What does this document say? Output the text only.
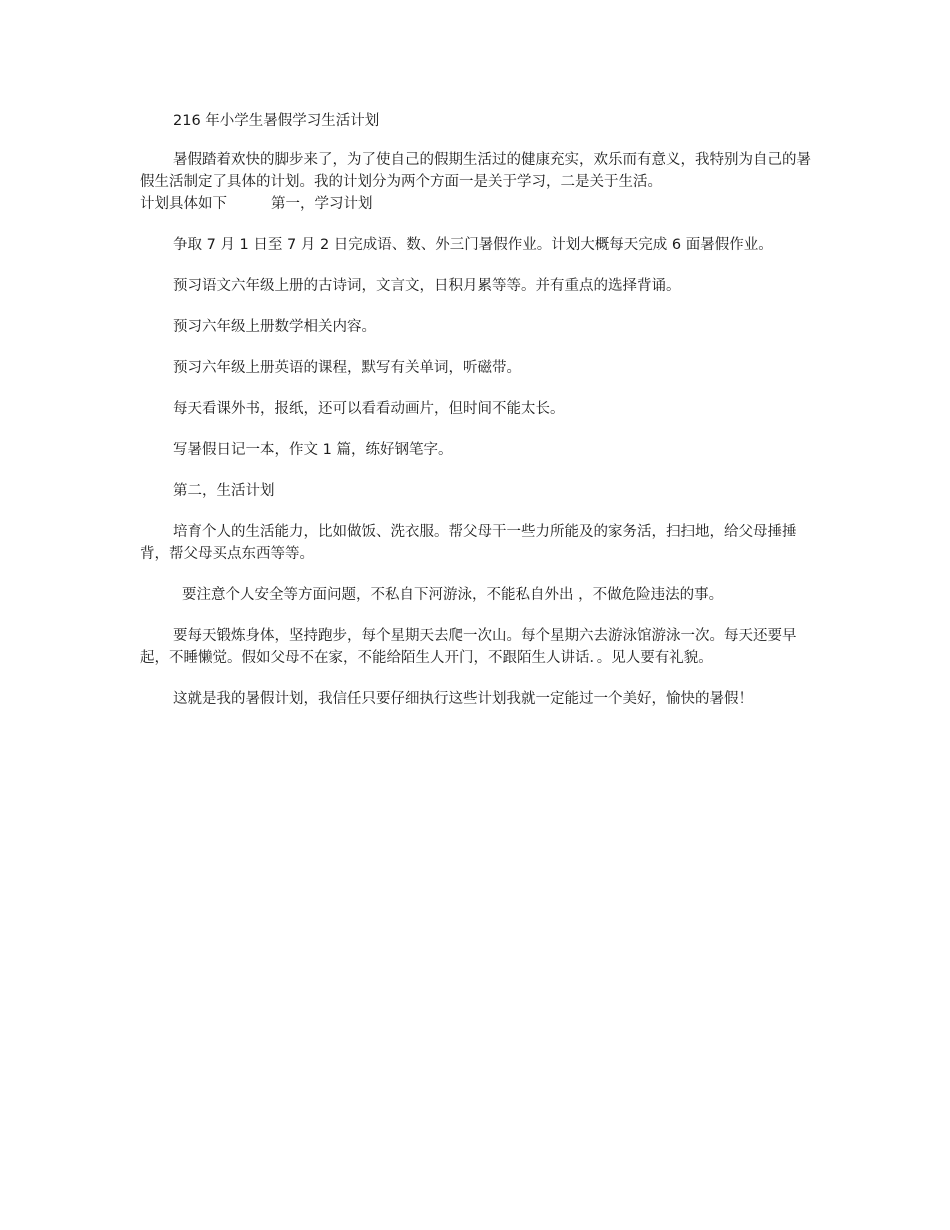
216 年小学生暑假学习生活计划

暑假踏着欢快的脚步来了，为了使自己的假期生活过的健康充实，欢乐而有意义，我特别为自己的暑假生活制定了具体的计划。我的计划分为两个方面一是关于学习，二是关于生活。

计划具体如下	第一，学习计划

争取 7 月 1 日至 7 月 2 日完成语、数、外三门暑假作业。计划大概每天完成 6 面暑假作业。

预习语文六年级上册的古诗词，文言文，日积月累等等。并有重点的选择背诵。

预习六年级上册数学相关内容。

预习六年级上册英语的课程，默写有关单词，听磁带。

每天看课外书，报纸，还可以看看动画片，但时间不能太长。

写暑假日记一本，作文 1 篇，练好钢笔字。

第二，生活计划

培育个人的生活能力，比如做饭、洗衣服。帮父母干一些力所能及的家务活，扫扫地，给父母捶捶背，帮父母买点东西等等。

要注意个人安全等方面问题，不私自下河游泳，不能私自外出 ，不做危险违法的事。

要每天锻炼身体，坚持跑步，每个星期天去爬一次山。每个星期六去游泳馆游泳一次。每天还要早起，不睡懒觉。假如父母不在家，不能给陌生人开门，不跟陌生人讲话．。见人要有礼貌。

这就是我的暑假计划，我信任只要仔细执行这些计划我就一定能过一个美好，愉快的暑假！
